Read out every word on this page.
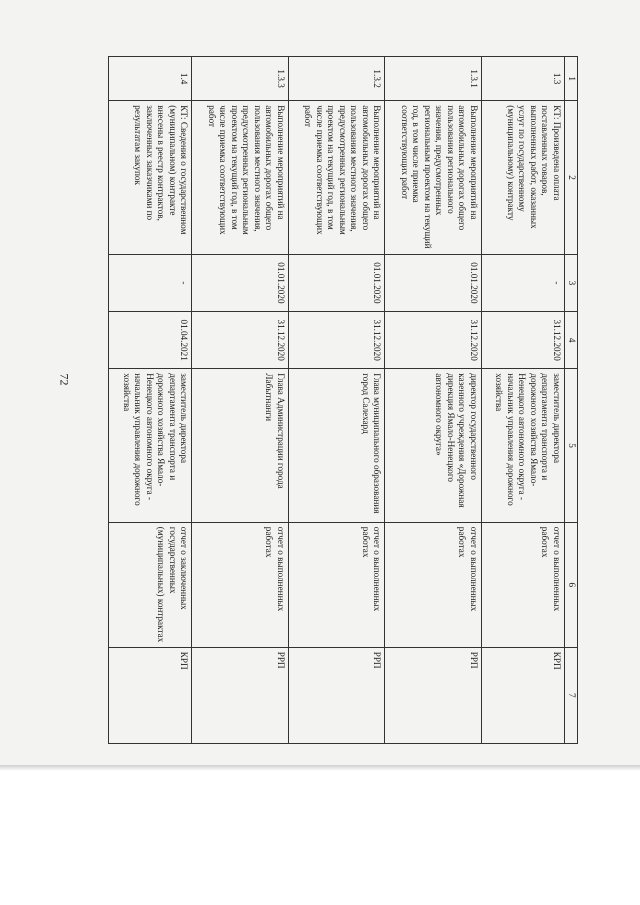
72
1	2	3	4	5	6	7
1.3	КТ: Произведена оплата поставленных товаров, выполненных работ, оказанных услуг по государственному (муниципальному) контракту	-	31.12.2020	заместитель директора департамента транспорта и дорожного хозяйства Ямало-Ненецкого автономного округа - начальник управления дорожного хозяйства	отчет о выполненных работах	КРП
1.3.1	Выполнение мероприятий на автомобильных дорогах общего пользования регионального значения, предусмотренных региональным проектом на текущий год, в том числе приемка соответствующих работ	01.01.2020	31.12.2020	директор государственного казенного учреждения «Дорожная дирекция Ямало-Ненецкого автономного округа»	отчет о выполненных работах	РРП
1.3.2	Выполнение мероприятий на автомобильных дорогах общего пользования местного значения, предусмотренных региональным проектом на текущий год, в том числе приемка соответствующих работ	01.01.2020	31.12.2020	Глава муниципального образования город Салехард	отчет о выполненных работах	РРП
1.3.3	Выполнение мероприятий на автомобильных дорогах общего пользования местного значения, предусмотренных региональным проектом на текущий год, в том числе приемка соответствующих работ	01.01.2020	31.12.2020	Глава Администрации города Лабытнанги	отчет о выполненных работах	РРП
1.4	КТ: Сведения о государственном (муниципальном) контракте внесены в реестр контрактов, заключенных заказчиками по результатам закупок	-	01.04.2021	заместитель директора департамента транспорта и дорожного хозяйства Ямало-Ненецкого автономного округа - начальник управления дорожного хозяйства	отчет о заключенных государственных (муниципальных) контрактах	КРП
